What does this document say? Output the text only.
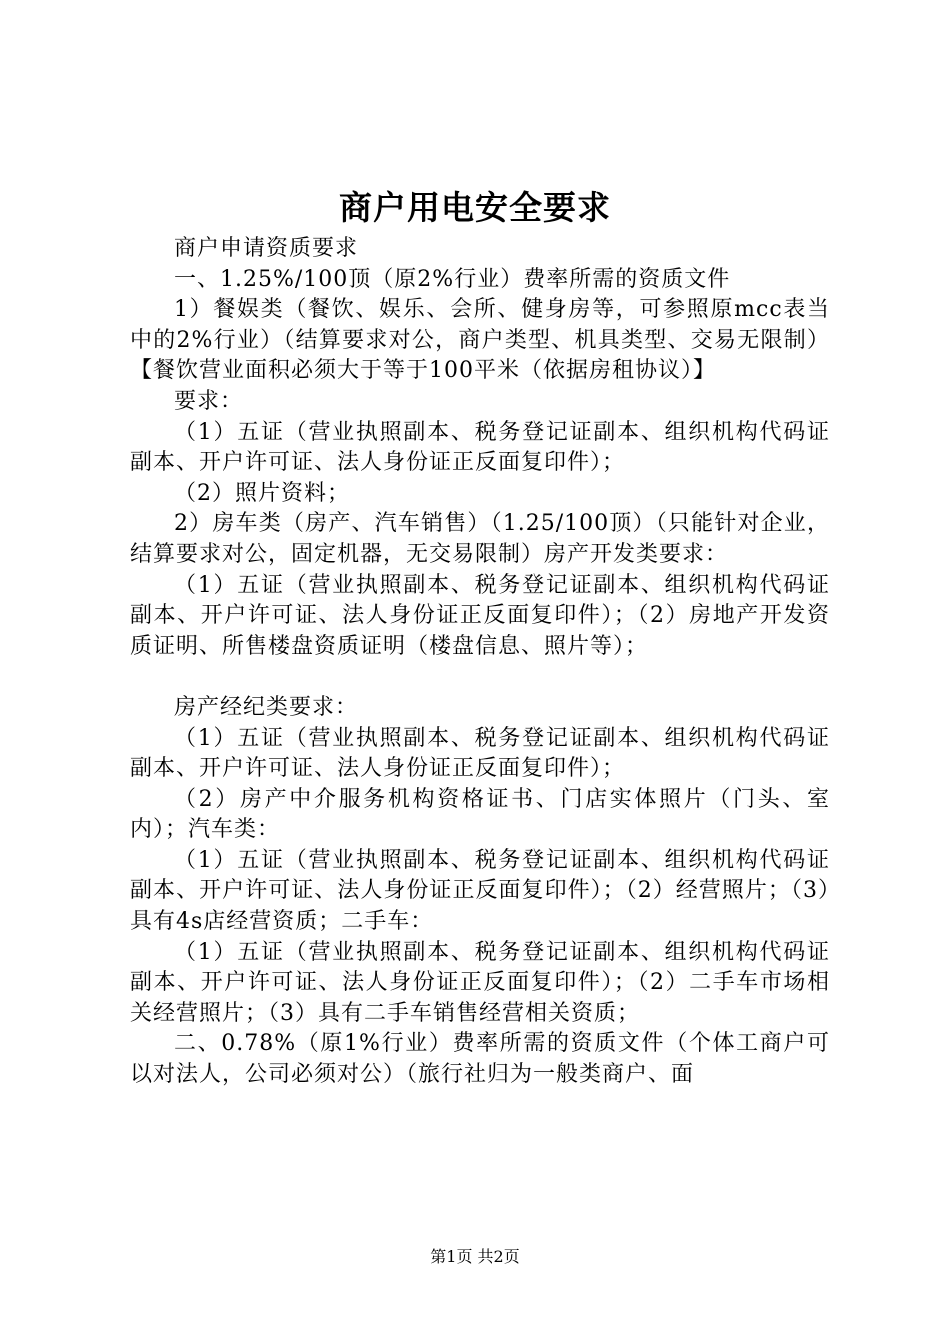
商户用电安全要求

商户申请资质要求

一、1.25%/100顶（原2%行业）费率所需的资质文件

1）餐娱类（餐饮、娱乐、会所、健身房等，可参照原mcc表当中的2%行业）（结算要求对公，商户类型、机具类型、交易无限制）【餐饮营业面积必须大于等于100平米（依据房租协议）】

要求：

（1）五证（营业执照副本、税务登记证副本、组织机构代码证副本、开户许可证、法人身份证正反面复印件）；

（2）照片资料；

2）房车类（房产、汽车销售）（1.25/100顶）（只能针对企业，结算要求对公，固定机器，无交易限制）房产开发类要求：

（1）五证（营业执照副本、税务登记证副本、组织机构代码证副本、开户许可证、法人身份证正反面复印件）；（2）房地产开发资质证明、所售楼盘资质证明（楼盘信息、照片等）；

房产经纪类要求：

（1）五证（营业执照副本、税务登记证副本、组织机构代码证副本、开户许可证、法人身份证正反面复印件）；

（2）房产中介服务机构资格证书、门店实体照片（门头、室内）；汽车类：

（1）五证（营业执照副本、税务登记证副本、组织机构代码证副本、开户许可证、法人身份证正反面复印件）；（2）经营照片；（3）具有4s店经营资质；二手车：

（1）五证（营业执照副本、税务登记证副本、组织机构代码证副本、开户许可证、法人身份证正反面复印件）；（2）二手车市场相关经营照片；（3）具有二手车销售经营相关资质；

二、0.78%（原1%行业）费率所需的资质文件（个体工商户可以对法人，公司必须对公）（旅行社归为一般类商户、面

第1页 共2页
